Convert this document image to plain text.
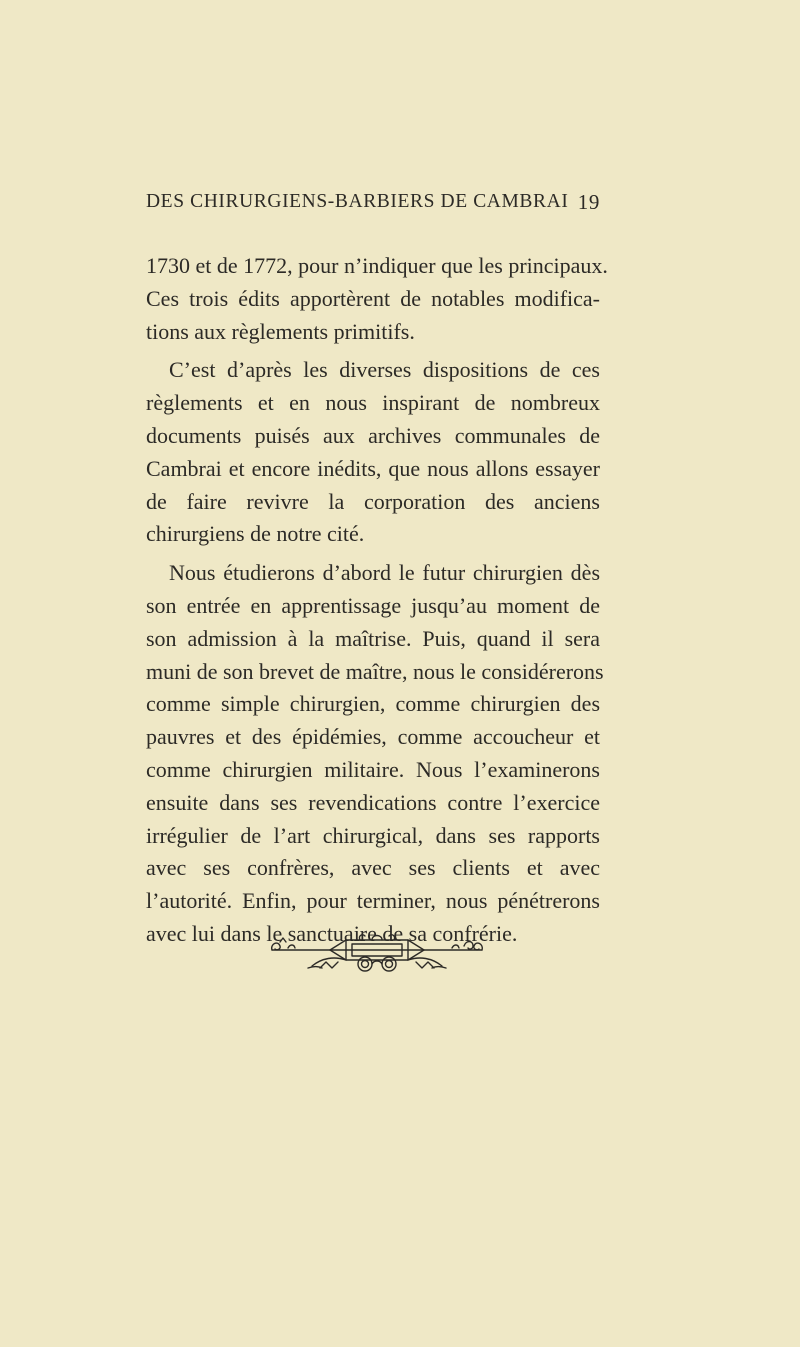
DES CHIRURGIENS-BARBIERS DE CAMBRAI 19

1730 et de 1772, pour n’indiquer que les principaux.
Ces trois édits apportèrent de notables modifica-
tions aux règlements primitifs.

C’est d’après les diverses dispositions de ces
règlements et en nous inspirant de nombreux
documents puisés aux archives communales de
Cambrai et encore inédits, que nous allons essayer
de faire revivre la corporation des anciens
chirurgiens de notre cité.

Nous étudierons d’abord le futur chirurgien dès
son entrée en apprentissage jusqu’au moment de
son admission à la maîtrise. Puis, quand il sera
muni de son brevet de maître, nous le considérerons
comme simple chirurgien, comme chirurgien des
pauvres et des épidémies, comme accoucheur et
comme chirurgien militaire. Nous l’examinerons
ensuite dans ses revendications contre l’exercice
irrégulier de l’art chirurgical, dans ses rapports
avec ses confrères, avec ses clients et avec
l’autorité. Enfin, pour terminer, nous pénétrerons
avec lui dans le sanctuaire de sa confrérie.
